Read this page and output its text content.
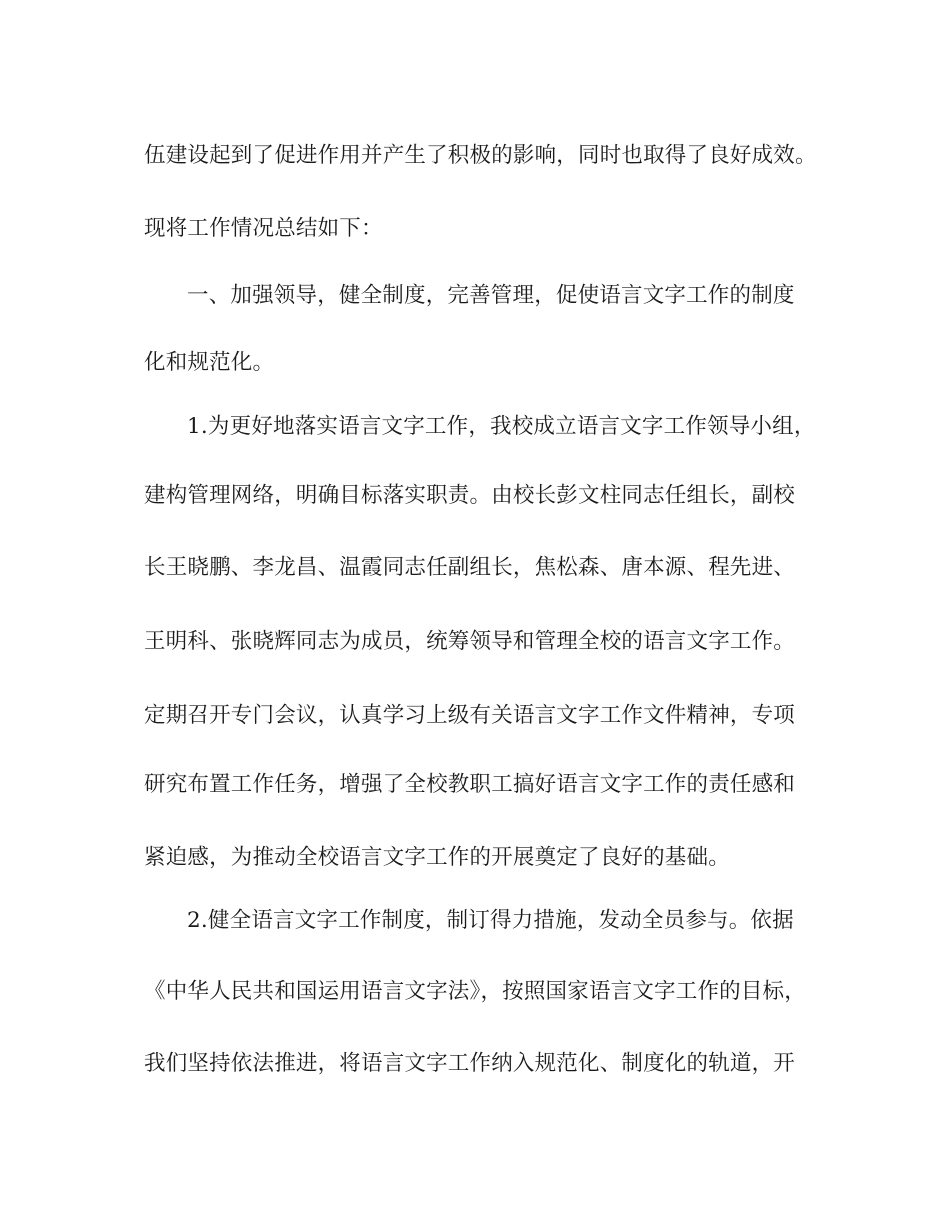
伍建设起到了促进作用并产生了积极的影响，同时也取得了良好成效。
现将工作情况总结如下：
一、加强领导，健全制度，完善管理，促使语言文字工作的制度
化和规范化。
1.为更好地落实语言文字工作，我校成立语言文字工作领导小组，
建构管理网络，明确目标落实职责。由校长彭文柱同志任组长，副校
长王晓鹏、李龙昌、温霞同志任副组长，焦松森、唐本源、程先进、
王明科、张晓辉同志为成员，统筹领导和管理全校的语言文字工作。
定期召开专门会议，认真学习上级有关语言文字工作文件精神，专项
研究布置工作任务，增强了全校教职工搞好语言文字工作的责任感和
紧迫感，为推动全校语言文字工作的开展奠定了良好的基础。
2.健全语言文字工作制度，制订得力措施，发动全员参与。依据
《中华人民共和国运用语言文字法》，按照国家语言文字工作的目标，
我们坚持依法推进，将语言文字工作纳入规范化、制度化的轨道，开
